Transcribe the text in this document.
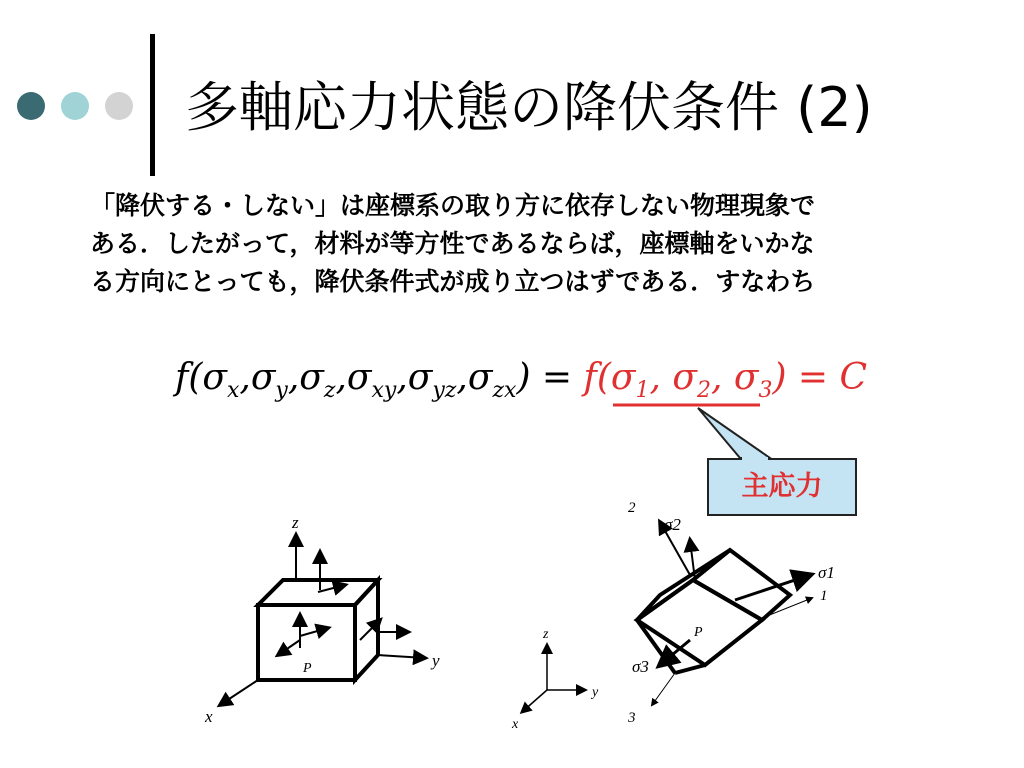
多軸応力状態の降伏条件 (2)
「降伏する・しない」は座標系の取り方に依存しない物理現象で
ある．したがって，材料が等方性であるならば，座標軸をいかな
る方向にとっても，降伏条件式が成り立つはずである．すなわち
$f(\sigma_x,\sigma_y,\sigma_z,\sigma_{xy},\sigma_{yz},\sigma_{zx}) = f(\sigma_1$, $\sigma_2$, $\sigma_3) = C$
主応力
z
y
x
P
z
y
x
2
1
3
σ2
σ1
σ3
P
